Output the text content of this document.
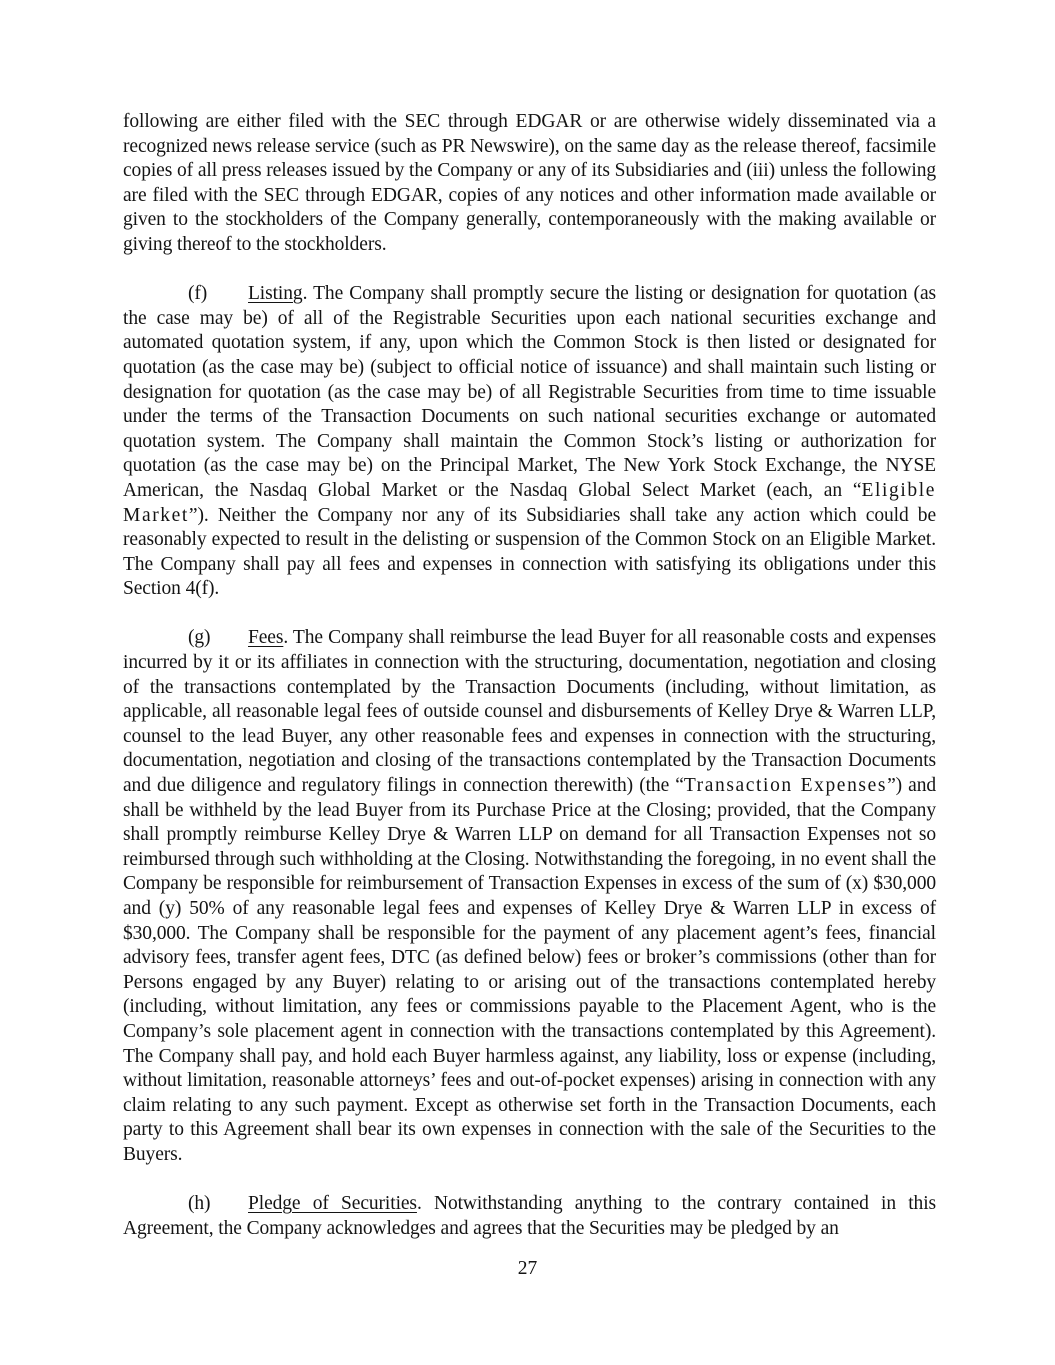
following are either filed with the SEC through EDGAR or are otherwise widely disseminated via a recognized news release service (such as PR Newswire), on the same day as the release thereof, facsimile copies of all press releases issued by the Company or any of its Subsidiaries and (iii) unless the following are filed with the SEC through EDGAR, copies of any notices and other information made available or given to the stockholders of the Company generally, contemporaneously with the making available or giving thereof to the stockholders.

(f) Listing. The Company shall promptly secure the listing or designation for quotation (as the case may be) of all of the Registrable Securities upon each national securities exchange and automated quotation system, if any, upon which the Common Stock is then listed or designated for quotation (as the case may be) (subject to official notice of issuance) and shall maintain such listing or designation for quotation (as the case may be) of all Registrable Securities from time to time issuable under the terms of the Transaction Documents on such national securities exchange or automated quotation system. The Company shall maintain the Common Stock’s listing or authorization for quotation (as the case may be) on the Principal Market, The New York Stock Exchange, the NYSE American, the Nasdaq Global Market or the Nasdaq Global Select Market (each, an “Eligible Market”). Neither the Company nor any of its Subsidiaries shall take any action which could be reasonably expected to result in the delisting or suspension of the Common Stock on an Eligible Market. The Company shall pay all fees and expenses in connection with satisfying its obligations under this Section 4(f).

(g) Fees. The Company shall reimburse the lead Buyer for all reasonable costs and expenses incurred by it or its affiliates in connection with the structuring, documentation, negotiation and closing of the transactions contemplated by the Transaction Documents (including, without limitation, as applicable, all reasonable legal fees of outside counsel and disbursements of Kelley Drye & Warren LLP, counsel to the lead Buyer, any other reasonable fees and expenses in connection with the structuring, documentation, negotiation and closing of the transactions contemplated by the Transaction Documents and due diligence and regulatory filings in connection therewith) (the “Transaction Expenses”) and shall be withheld by the lead Buyer from its Purchase Price at the Closing; provided, that the Company shall promptly reimburse Kelley Drye & Warren LLP on demand for all Transaction Expenses not so reimbursed through such withholding at the Closing. Notwithstanding the foregoing, in no event shall the Company be responsible for reimbursement of Transaction Expenses in excess of the sum of (x) $30,000 and (y) 50% of any reasonable legal fees and expenses of Kelley Drye & Warren LLP in excess of $30,000. The Company shall be responsible for the payment of any placement agent’s fees, financial advisory fees, transfer agent fees, DTC (as defined below) fees or broker’s commissions (other than for Persons engaged by any Buyer) relating to or arising out of the transactions contemplated hereby (including, without limitation, any fees or commissions payable to the Placement Agent, who is the Company’s sole placement agent in connection with the transactions contemplated by this Agreement). The Company shall pay, and hold each Buyer harmless against, any liability, loss or expense (including, without limitation, reasonable attorneys’ fees and out-of-pocket expenses) arising in connection with any claim relating to any such payment. Except as otherwise set forth in the Transaction Documents, each party to this Agreement shall bear its own expenses in connection with the sale of the Securities to the Buyers.

(h) Pledge of Securities. Notwithstanding anything to the contrary contained in this Agreement, the Company acknowledges and agrees that the Securities may be pledged by an

27
